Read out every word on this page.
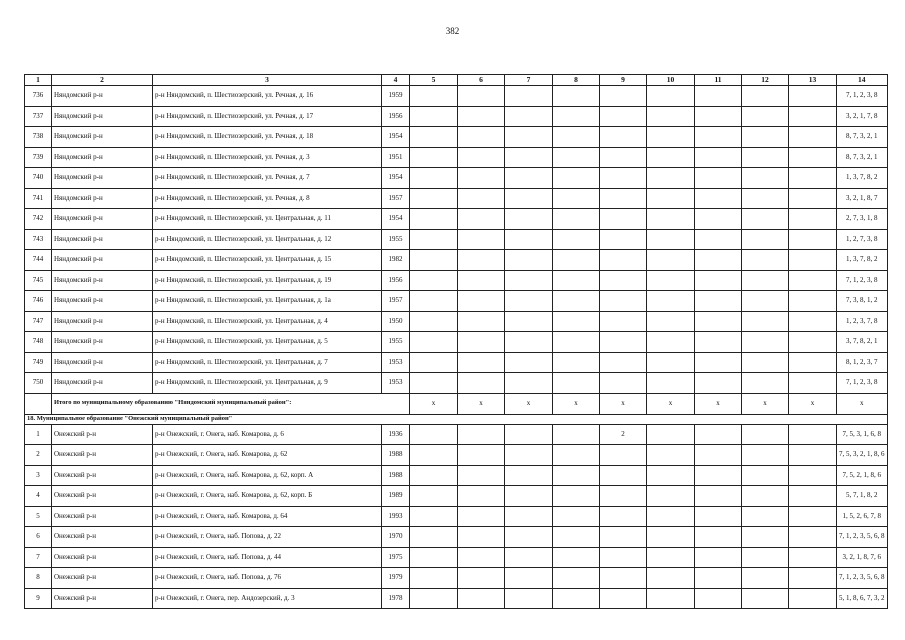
382
1	2	3	4	5	6	7	8	9	10	11	12	13	14
736	Няндомский р-н	р-н Няндомский, п. Шестиозерский, ул. Речная, д. 16	1959										7, 1, 2, 3, 8
737	Няндомский р-н	р-н Няндомский, п. Шестиозерский, ул. Речная, д. 17	1956										3, 2, 1, 7, 8
738	Няндомский р-н	р-н Няндомский, п. Шестиозерский, ул. Речная, д. 18	1954										8, 7, 3, 2, 1
739	Няндомский р-н	р-н Няндомский, п. Шестиозерский, ул. Речная, д. 3	1951										8, 7, 3, 2, 1
740	Няндомский р-н	р-н Няндомский, п. Шестиозерский, ул. Речная, д. 7	1954										1, 3, 7, 8, 2
741	Няндомский р-н	р-н Няндомский, п. Шестиозерский, ул. Речная, д. 8	1957										3, 2, 1, 8, 7
742	Няндомский р-н	р-н Няндомский, п. Шестиозерский, ул. Центральная, д. 11	1954										2, 7, 3, 1, 8
743	Няндомский р-н	р-н Няндомский, п. Шестиозерский, ул. Центральная, д. 12	1955										1, 2, 7, 3, 8
744	Няндомский р-н	р-н Няндомский, п. Шестиозерский, ул. Центральная, д. 15	1982										1, 3, 7, 8, 2
745	Няндомский р-н	р-н Няндомский, п. Шестиозерский, ул. Центральная, д. 19	1956										7, 1, 2, 3, 8
746	Няндомский р-н	р-н Няндомский, п. Шестиозерский, ул. Центральная, д. 1а	1957										7, 3, 8, 1, 2
747	Няндомский р-н	р-н Няндомский, п. Шестиозерский, ул. Центральная, д. 4	1950										1, 2, 3, 7, 8
748	Няндомский р-н	р-н Няндомский, п. Шестиозерский, ул. Центральная, д. 5	1955										3, 7, 8, 2, 1
749	Няндомский р-н	р-н Няндомский, п. Шестиозерский, ул. Центральная, д. 7	1953										8, 1, 2, 3, 7
750	Няндомский р-н	р-н Няндомский, п. Шестиозерский, ул. Центральная, д. 9	1953										7, 1, 2, 3, 8
	Итого по муниципальному образованию "Няндомский муниципальный район":			x	x	x	x	x	x	x	x	x	x
18. Муниципальное образование "Онежский муниципальный район"													
1	Онежский р-н	р-н Онежский, г. Онега, наб. Комарова, д. 6	1936					2					7, 5, 3, 1, 6, 8
2	Онежский р-н	р-н Онежский, г. Онега, наб. Комарова, д. 62	1988										7, 5, 3, 2, 1, 8, 6
3	Онежский р-н	р-н Онежский, г. Онега, наб. Комарова, д. 62, корп. А	1988										7, 5, 2, 1, 8, 6
4	Онежский р-н	р-н Онежский, г. Онега, наб. Комарова, д. 62, корп. Б	1989										5, 7, 1, 8, 2
5	Онежский р-н	р-н Онежский, г. Онега, наб. Комарова, д. 64	1993										1, 5, 2, 6, 7, 8
6	Онежский р-н	р-н Онежский, г. Онега, наб. Попова, д. 22	1970										7, 1, 2, 3, 5, 6, 8
7	Онежский р-н	р-н Онежский, г. Онега, наб. Попова, д. 44	1975										3, 2, 1, 8, 7, 6
8	Онежский р-н	р-н Онежский, г. Онега, наб. Попова, д. 76	1979										7, 1, 2, 3, 5, 6, 8
9	Онежский р-н	р-н Онежский, г. Онега, пер. Андозерский, д. 3	1978										5, 1, 8, 6, 7, 3, 2
